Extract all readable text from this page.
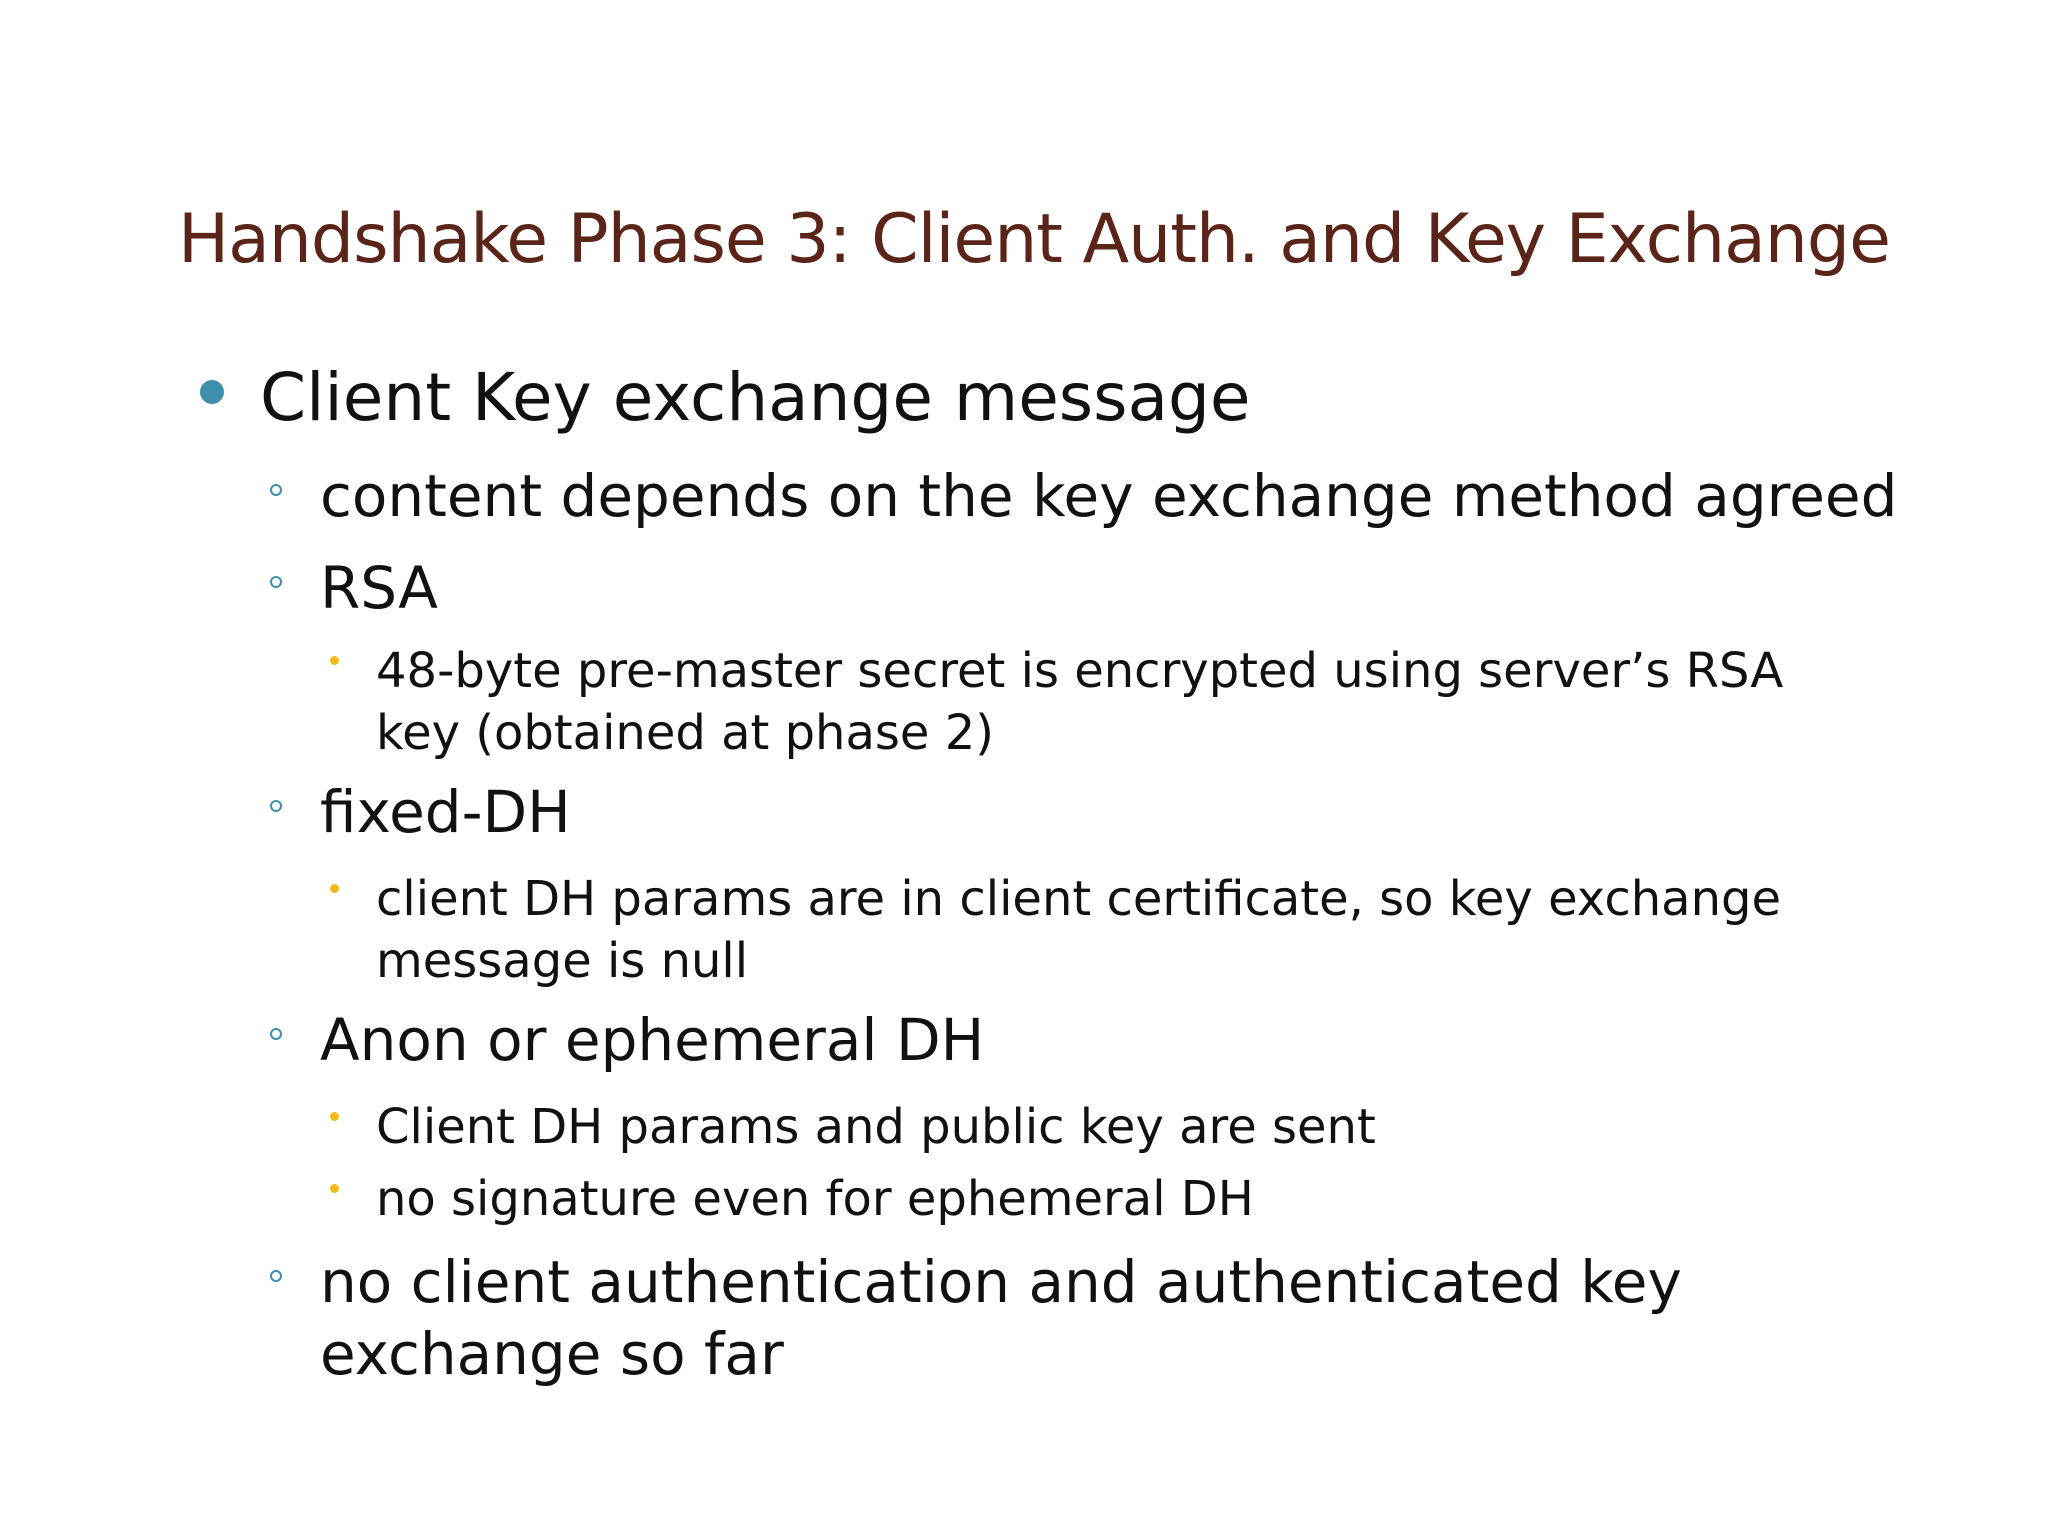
Handshake Phase 3: Client Auth. and Key Exchange
Client Key exchange message
content depends on the key exchange method agreed
RSA
48-byte pre-master secret is encrypted using server’s RSA key (obtained at phase 2)
fixed-DH
client DH params are in client certificate, so key exchange message is null
Anon or ephemeral DH
Client DH params and public key are sent
no signature even for ephemeral DH
no client authentication and authenticated key exchange so far
